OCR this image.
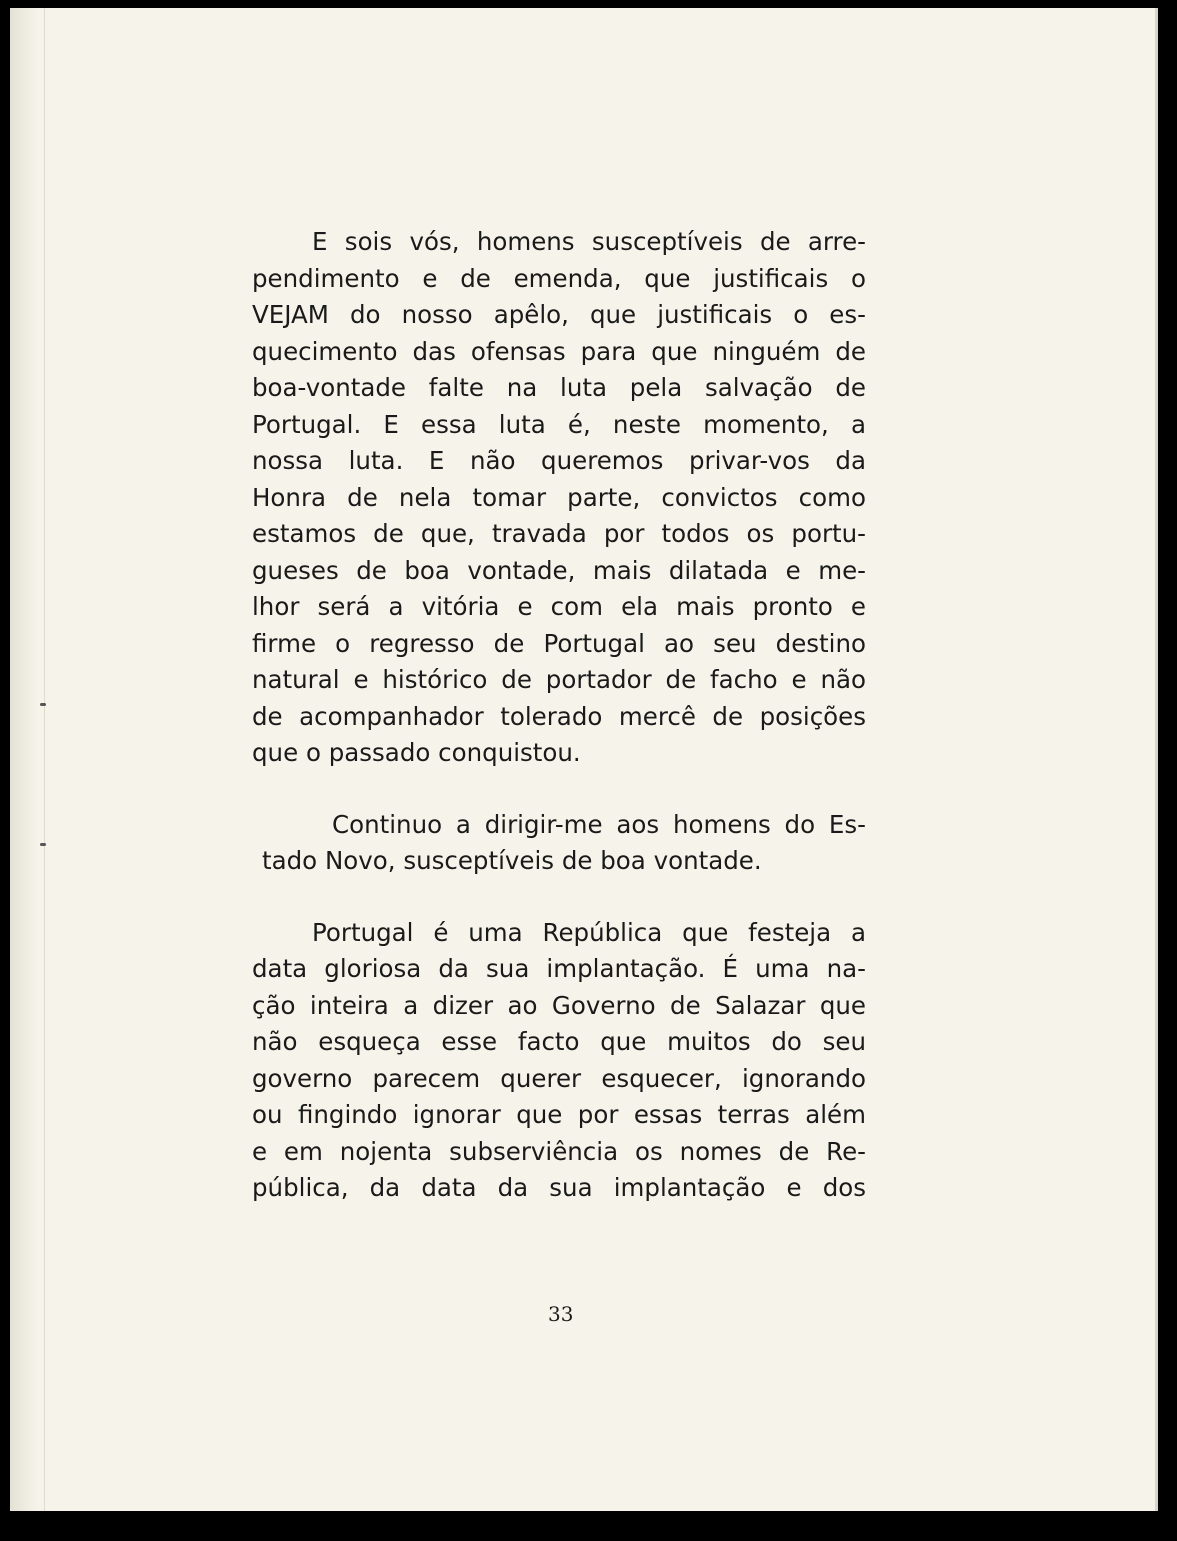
E sois vós, homens susceptíveis de arre-
pendimento e de emenda, que justificais o
VEJAM do nosso apêlo, que justificais o es-
quecimento das ofensas para que ninguém de
boa-vontade falte na luta pela salvação de
Portugal. E essa luta é, neste momento, a
nossa luta. E não queremos privar-vos da
Honra de nela tomar parte, convictos como
estamos de que, travada por todos os portu-
gueses de boa vontade, mais dilatada e me-
lhor será a vitória e com ela mais pronto e
firme o regresso de Portugal ao seu destino
natural e histórico de portador de facho e não
de acompanhador tolerado mercê de posições
que o passado conquistou.
Continuo a dirigir-me aos homens do Es-
tado Novo, susceptíveis de boa vontade.
Portugal é uma República que festeja a
data gloriosa da sua implantação. É uma na-
ção inteira a dizer ao Governo de Salazar que
não esqueça esse facto que muitos do seu
governo parecem querer esquecer, ignorando
ou fingindo ignorar que por essas terras além
e em nojenta subserviência os nomes de Re-
pública, da data da sua implantação e dos
33
